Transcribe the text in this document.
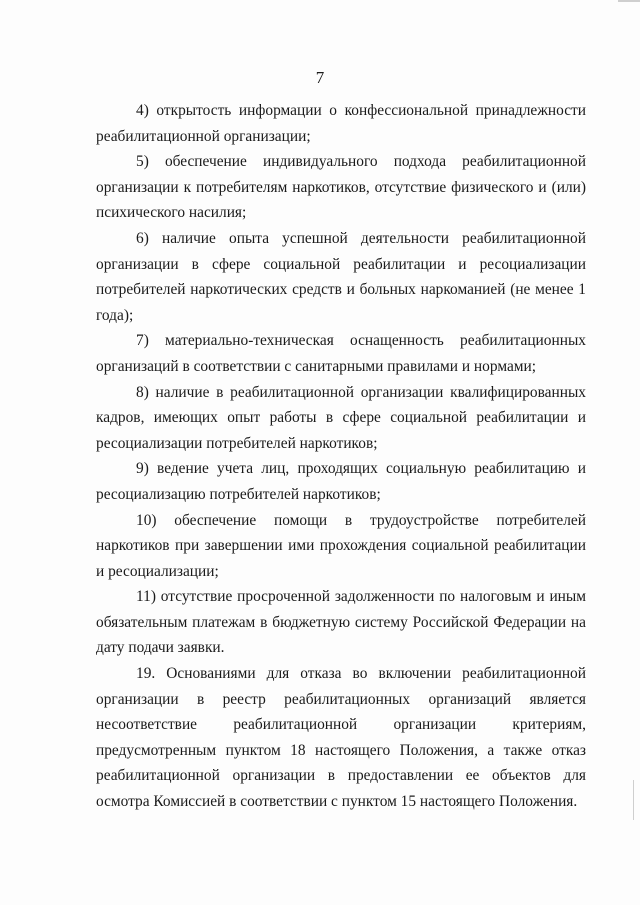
7

4) открытость информации о конфессиональной принадлежности реабилитационной организации;

5) обеспечение индивидуального подхода реабилитационной организации к потребителям наркотиков, отсутствие физического и (или) психического насилия;

6) наличие опыта успешной деятельности реабилитационной организации в сфере социальной реабилитации и ресоциализации потребителей наркотических средств и больных наркоманией (не менее 1 года);

7) материально-техническая оснащенность реабилитационных организаций в соответствии с санитарными правилами и нормами;

8) наличие в реабилитационной организации квалифицированных кадров, имеющих опыт работы в сфере социальной реабилитации и ресоциализации потребителей наркотиков;

9) ведение учета лиц, проходящих социальную реабилитацию и ресоциализацию потребителей наркотиков;

10) обеспечение помощи в трудоустройстве потребителей наркотиков при завершении ими прохождения социальной реабилитации и ресоциализации;

11) отсутствие просроченной задолженности по налоговым и иным обязательным платежам в бюджетную систему Российской Федерации на дату подачи заявки.

19. Основаниями для отказа во включении реабилитационной организации в реестр реабилитационных организаций является несоответствие реабилитационной организации критериям, предусмотренным пунктом 18 настоящего Положения, а также отказ реабилитационной организации в предоставлении ее объектов для осмотра Комиссией в соответствии с пунктом 15 настоящего Положения.
